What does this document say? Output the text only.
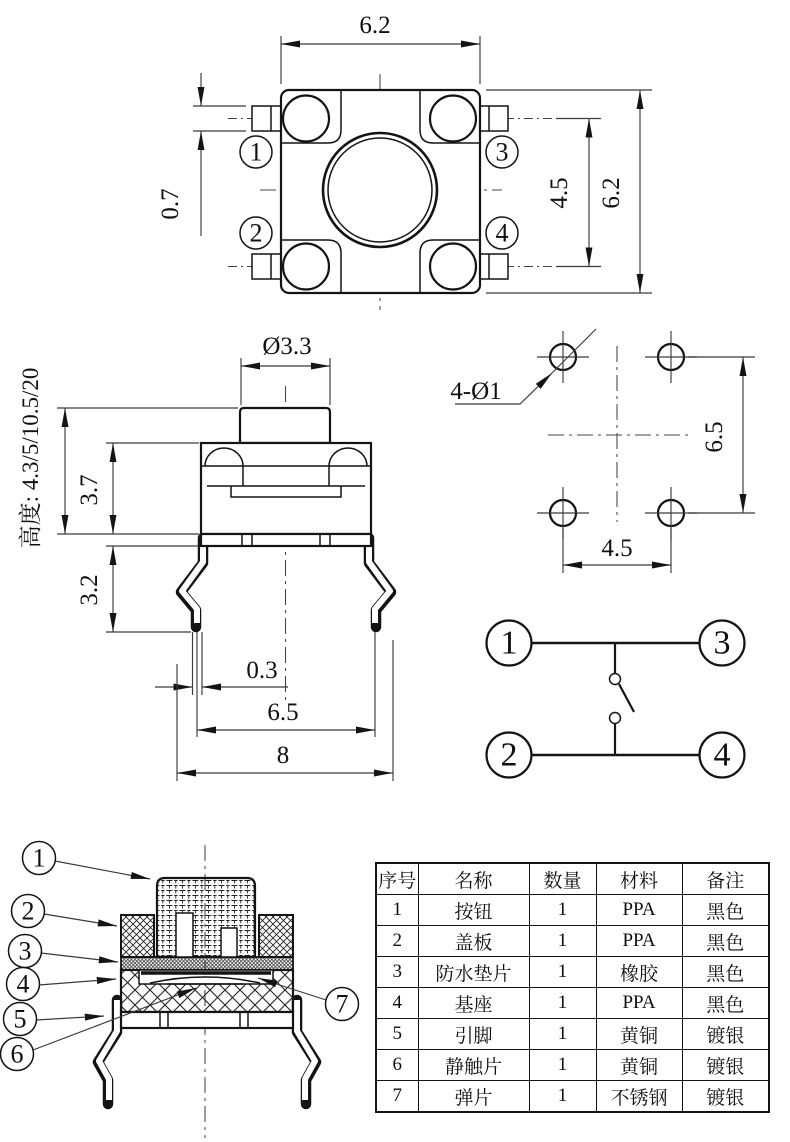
1	3
2	4
6.2
0.7	4.5 6.2
Ø3.3
高度: 4.3/5/10.5/20 3.7
3.2
0.3
6.5
8
4-Ø1
6.5
4.5
1	3
2	4
1
2
3
4
5
6
7
序号	名称	数量	材料	备注
1	按钮	1	PPA	黑色
2	盖板	1	PPA	黑色
3	防水垫片	1	橡胶	黑色
4	基座	1	PPA	黑色
5	引脚	1	黄铜	镀银
6	静触片	1	黄铜	镀银
7	弹片	1	不锈钢	镀银
